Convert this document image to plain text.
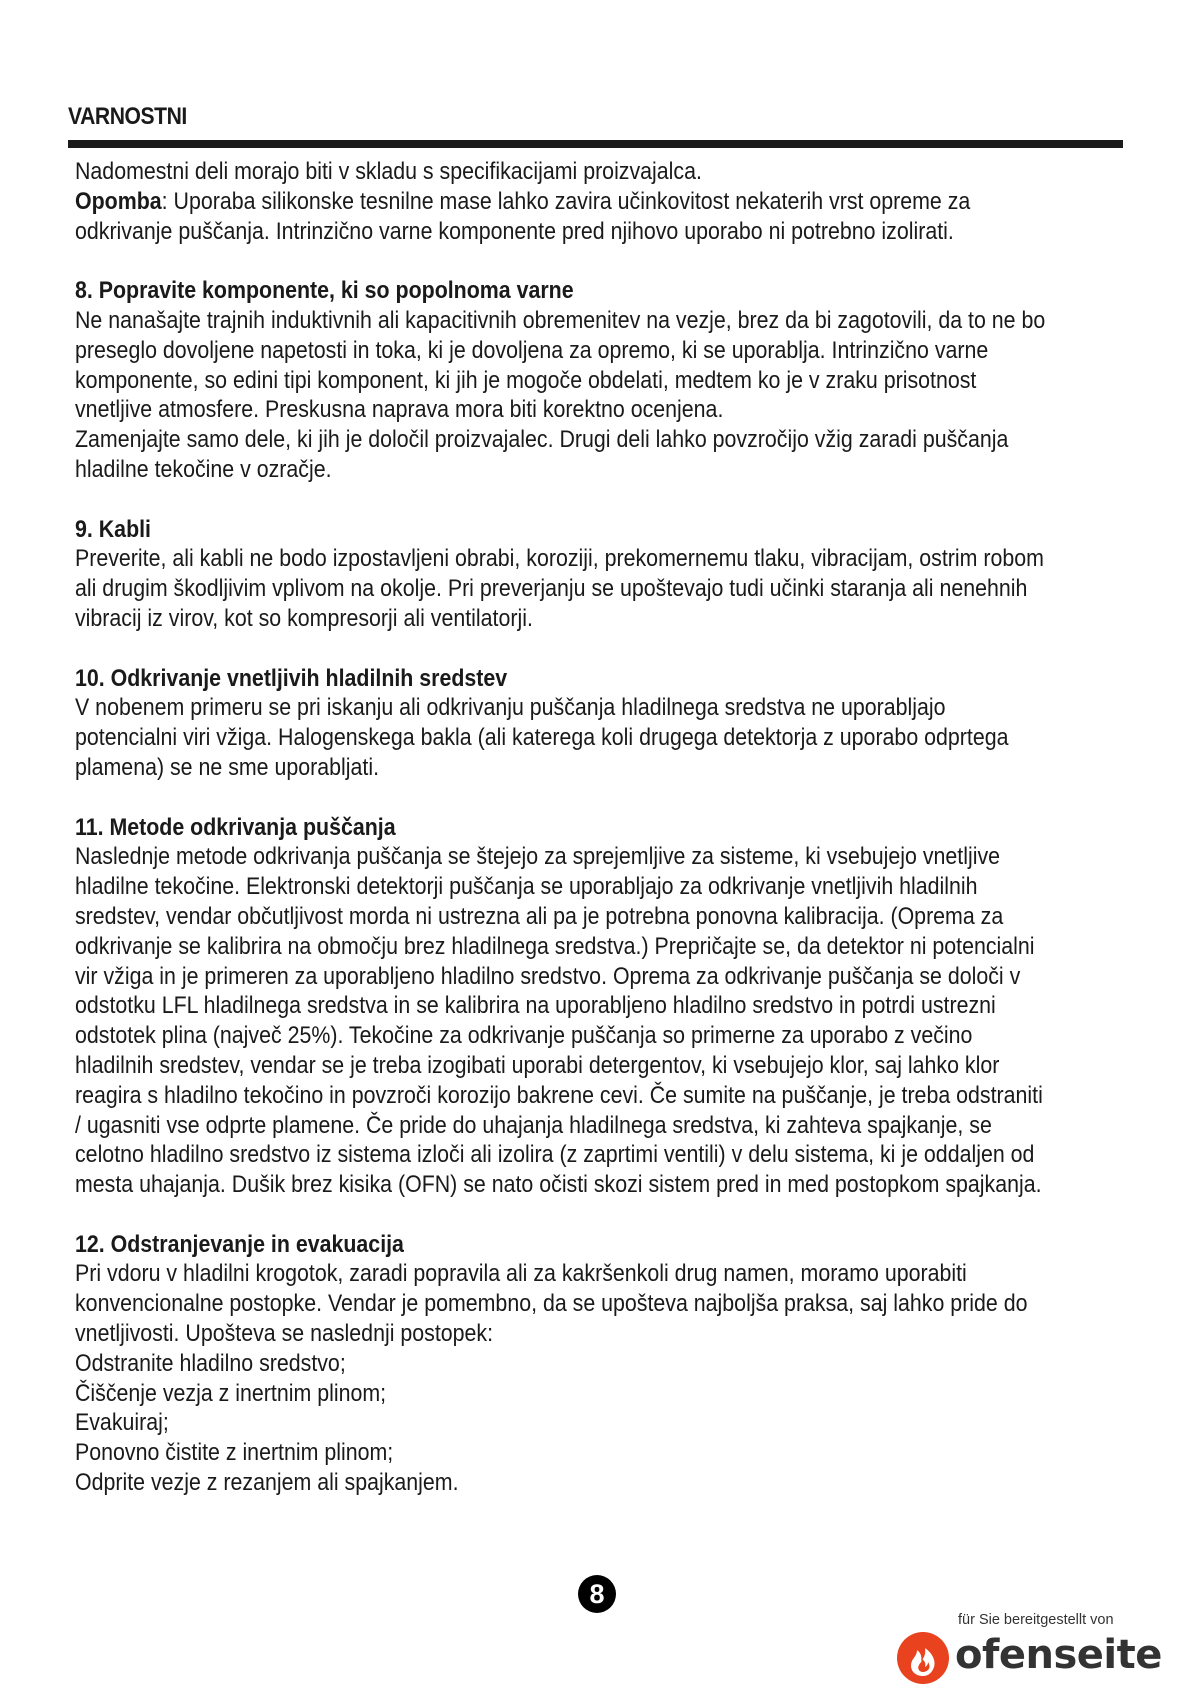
VARNOSTNI
Nadomestni deli morajo biti v skladu s specifikacijami proizvajalca.
Opomba: Uporaba silikonske tesnilne mase lahko zavira učinkovitost nekaterih vrst opreme za
odkrivanje puščanja. Intrinzično varne komponente pred njihovo uporabo ni potrebno izolirati.
8. Popravite komponente, ki so popolnoma varne
Ne nanašajte trajnih induktivnih ali kapacitivnih obremenitev na vezje, brez da bi zagotovili, da to ne bo
preseglo dovoljene napetosti in toka, ki je dovoljena za opremo, ki se uporablja. Intrinzično varne
komponente, so edini tipi komponent, ki jih je mogoče obdelati, medtem ko je v zraku prisotnost
vnetljive atmosfere. Preskusna naprava mora biti korektno ocenjena.
Zamenjajte samo dele, ki jih je določil proizvajalec. Drugi deli lahko povzročijo vžig zaradi puščanja
hladilne tekočine v ozračje.
9. Kabli
Preverite, ali kabli ne bodo izpostavljeni obrabi, koroziji, prekomernemu tlaku, vibracijam, ostrim robom
ali drugim škodljivim vplivom na okolje. Pri preverjanju se upoštevajo tudi učinki staranja ali nenehnih
vibracij iz virov, kot so kompresorji ali ventilatorji.
10. Odkrivanje vnetljivih hladilnih sredstev
V nobenem primeru se pri iskanju ali odkrivanju puščanja hladilnega sredstva ne uporabljajo
potencialni viri vžiga. Halogenskega bakla (ali katerega koli drugega detektorja z uporabo odprtega
plamena) se ne sme uporabljati.
11. Metode odkrivanja puščanja
Naslednje metode odkrivanja puščanja se štejejo za sprejemljive za sisteme, ki vsebujejo vnetljive
hladilne tekočine. Elektronski detektorji puščanja se uporabljajo za odkrivanje vnetljivih hladilnih
sredstev, vendar občutljivost morda ni ustrezna ali pa je potrebna ponovna kalibracija. (Oprema za
odkrivanje se kalibrira na območju brez hladilnega sredstva.) Prepričajte se, da detektor ni potencialni
vir vžiga in je primeren za uporabljeno hladilno sredstvo. Oprema za odkrivanje puščanja se določi v
odstotku LFL hladilnega sredstva in se kalibrira na uporabljeno hladilno sredstvo in potrdi ustrezni
odstotek plina (največ 25%). Tekočine za odkrivanje puščanja so primerne za uporabo z večino
hladilnih sredstev, vendar se je treba izogibati uporabi detergentov, ki vsebujejo klor, saj lahko klor
reagira s hladilno tekočino in povzroči korozijo bakrene cevi. Če sumite na puščanje, je treba odstraniti
/ ugasniti vse odprte plamene. Če pride do uhajanja hladilnega sredstva, ki zahteva spajkanje, se
celotno hladilno sredstvo iz sistema izloči ali izolira (z zaprtimi ventili) v delu sistema, ki je oddaljen od
mesta uhajanja. Dušik brez kisika (OFN) se nato očisti skozi sistem pred in med postopkom spajkanja.
12. Odstranjevanje in evakuacija
Pri vdoru v hladilni krogotok, zaradi popravila ali za kakršenkoli drug namen, moramo uporabiti
konvencionalne postopke. Vendar je pomembno, da se upošteva najboljša praksa, saj lahko pride do
vnetljivosti. Upošteva se naslednji postopek:
Odstranite hladilno sredstvo;
Čiščenje vezja z inertnim plinom;
Evakuiraj;
Ponovno čistite z inertnim plinom;
Odprite vezje z rezanjem ali spajkanjem.
8
für Sie bereitgestellt von
ofenseite
